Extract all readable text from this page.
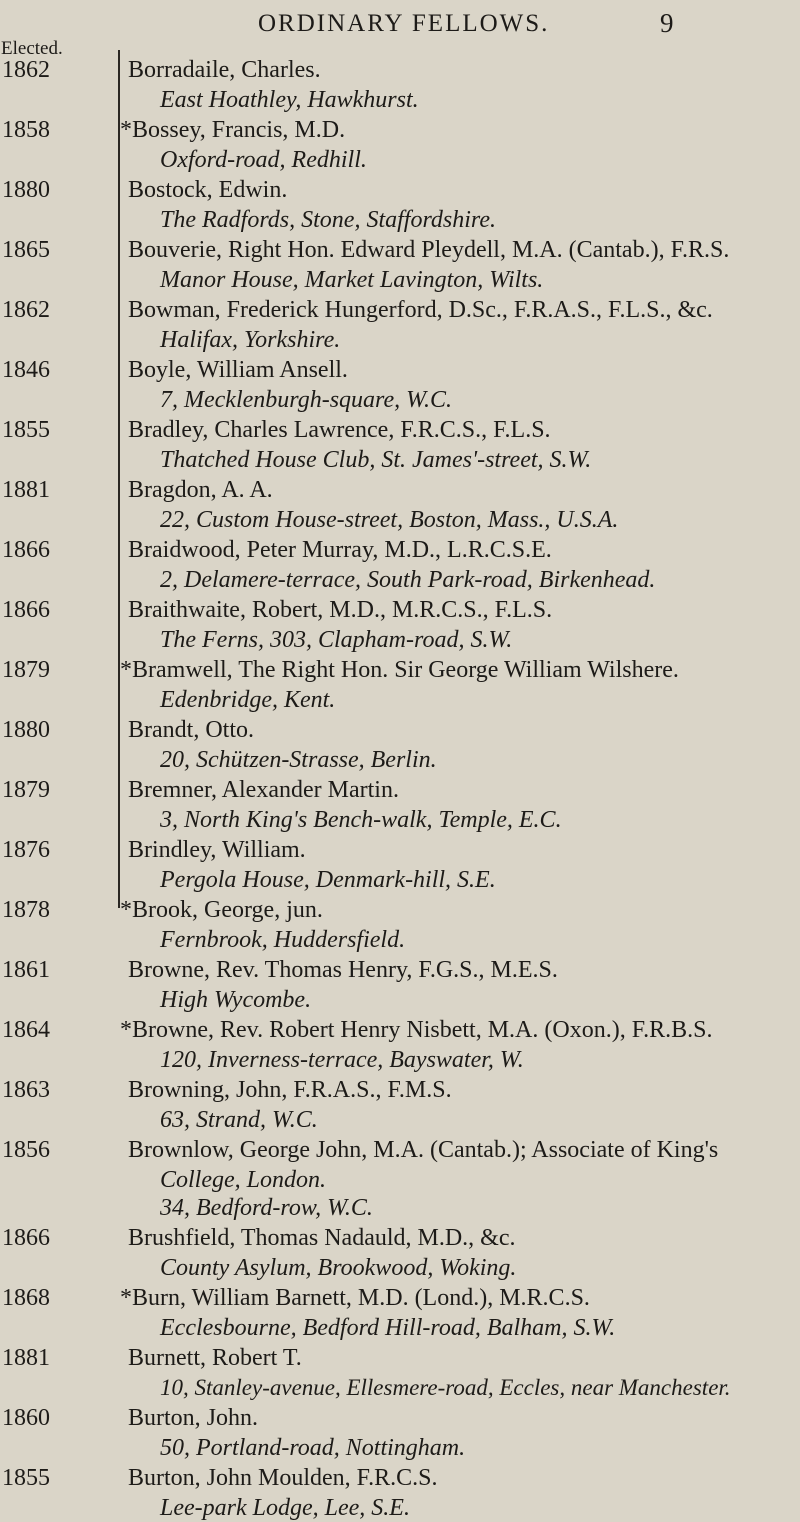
ORDINARY FELLOWS.	9
Elected.
1862	Borradaile, Charles.
East Hoathley, Hawkhurst.
1858	*Bossey, Francis, M.D.
Oxford-road, Redhill.
1880	Bostock, Edwin.
The Radfords, Stone, Staffordshire.
1865	Bouverie, Right Hon. Edward Pleydell, M.A. (Cantab.), F.R.S.
Manor House, Market Lavington, Wilts.
1862	Bowman, Frederick Hungerford, D.Sc., F.R.A.S., F.L.S., &c.
Halifax, Yorkshire.
1846	Boyle, William Ansell.
7, Mecklenburgh-square, W.C.
1855	Bradley, Charles Lawrence, F.R.C.S., F.L.S.
Thatched House Club, St. James'-street, S.W.
1881	Bragdon, A. A.
22, Custom House-street, Boston, Mass., U.S.A.
1866	Braidwood, Peter Murray, M.D., L.R.C.S.E.
2, Delamere-terrace, South Park-road, Birkenhead.
1866	Braithwaite, Robert, M.D., M.R.C.S., F.L.S.
The Ferns, 303, Clapham-road, S.W.
1879	*Bramwell, The Right Hon. Sir George William Wilshere.
Edenbridge, Kent.
1880	Brandt, Otto.
20, Schützen-Strasse, Berlin.
1879	Bremner, Alexander Martin.
3, North King's Bench-walk, Temple, E.C.
1876	Brindley, William.
Pergola House, Denmark-hill, S.E.
1878	*Brook, George, jun.
Fernbrook, Huddersfield.
1861	Browne, Rev. Thomas Henry, F.G.S., M.E.S.
High Wycombe.
1864	*Browne, Rev. Robert Henry Nisbett, M.A. (Oxon.), F.R.B.S.
120, Inverness-terrace, Bayswater, W.
1863	Browning, John, F.R.A.S., F.M.S.
63, Strand, W.C.
1856	Brownlow, George John, M.A. (Cantab.); Associate of King's
College, London.
34, Bedford-row, W.C.
1866	Brushfield, Thomas Nadauld, M.D., &c.
County Asylum, Brookwood, Woking.
1868	*Burn, William Barnett, M.D. (Lond.), M.R.C.S.
Ecclesbourne, Bedford Hill-road, Balham, S.W.
1881	Burnett, Robert T.
10, Stanley-avenue, Ellesmere-road, Eccles, near Manchester.
1860	Burton, John.
50, Portland-road, Nottingham.
1855	Burton, John Moulden, F.R.C.S.
Lee-park Lodge, Lee, S.E.
